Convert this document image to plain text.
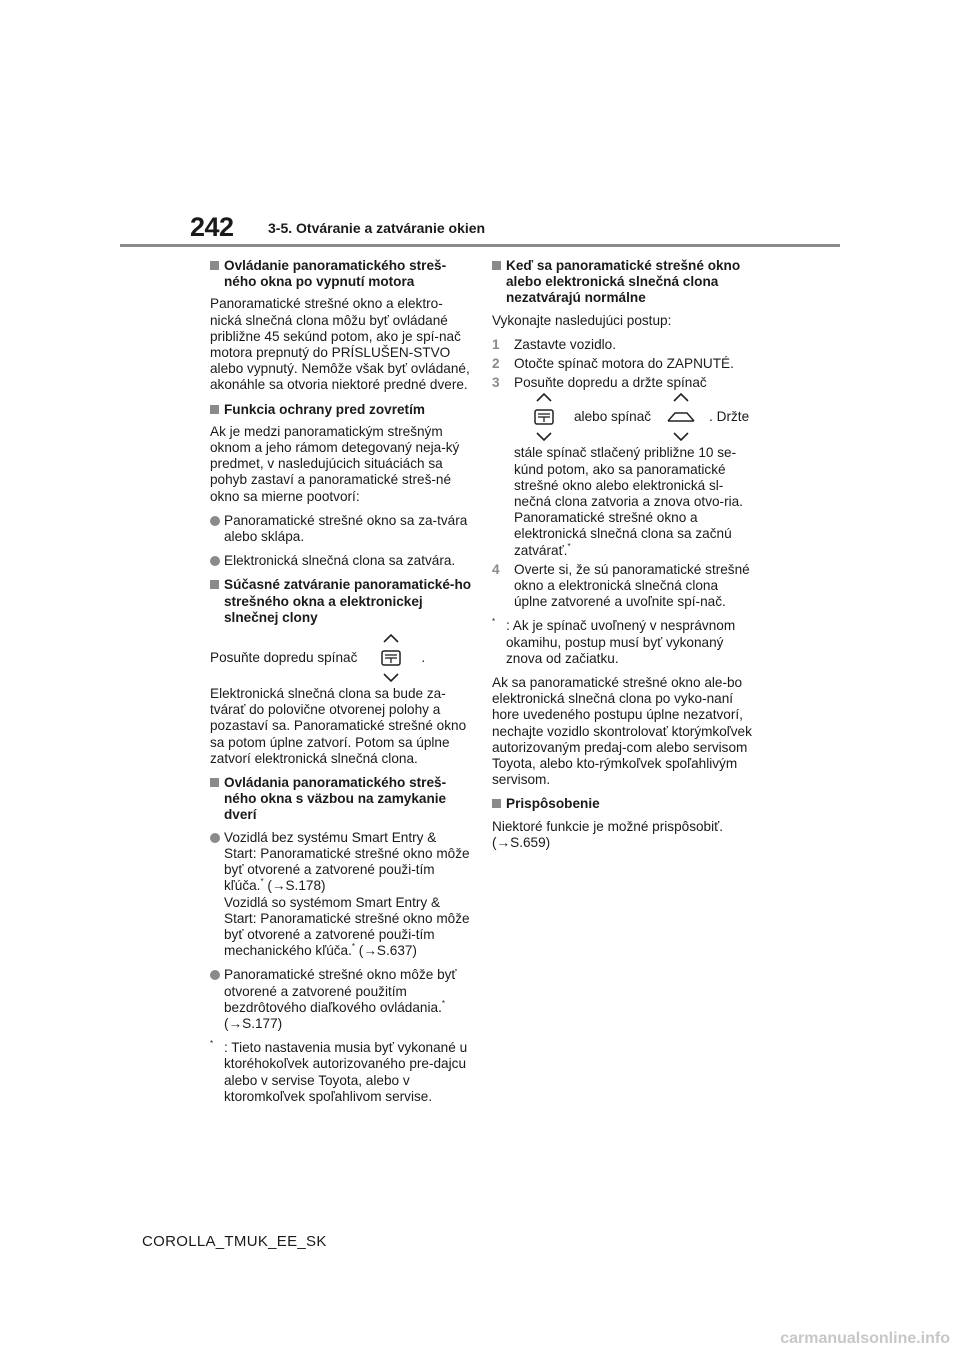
242 3-5. Otváranie a zatváranie okien
Ovládanie panoramatického streš-ného okna po vypnutí motora

Panoramatické strešné okno a elektro-nická slnečná clona môžu byť ovládané približne 45 sekúnd potom, ako je spí-nač motora prepnutý do PRÍSLUŠEN-STVO alebo vypnutý. Nemôže však byť ovládané, akonáhle sa otvoria niektoré predné dvere.

Funkcia ochrany pred zovretím

Ak je medzi panoramatickým strešným oknom a jeho rámom detegovaný neja-ký predmet, v nasledujúcich situáciách sa pohyb zastaví a panoramatické streš-né okno sa mierne pootvorí:

Panoramatické strešné okno sa za-tvára alebo sklápa.
Elektronická slnečná clona sa zatvára.
Súčasné zatváranie panoramatické-ho strešného okna a elektronickej slnečnej clony
Posuňte dopredu spínač	.

Elektronická slnečná clona sa bude za-tvárať do polovične otvorenej polohy a pozastaví sa. Panoramatické strešné okno sa potom úplne zatvorí. Potom sa úplne zatvorí elektronická slnečná clona.

Ovládania panoramatického streš-ného okna s väzbou na zamykanie dverí
Vozidlá bez systému Smart Entry & Start: Panoramatické strešné okno môže byť otvorené a zatvorené použi-tím kľúča.* (→S.178)
Vozidlá so systémom Smart Entry & Start: Panoramatické strešné okno môže byť otvorené a zatvorené použi-tím mechanického kľúča.* (→S.637)
Panoramatické strešné okno môže byť otvorené a zatvorené použitím bezdrôtového diaľkového ovládania.*
(→S.177)
* : Tieto nastavenia musia byť vykonané u ktoréhokoľvek autorizovaného pre-dajcu alebo v servise Toyota, alebo v ktoromkoľvek spoľahlivom servise.
Keď sa panoramatické strešné okno alebo elektronická slnečná clona nezatvárajú normálne

Vykonajte nasledujúci postup:

1 Zastavte vozidlo.
2 Otočte spínač motora do ZAPNUTÉ.
3 Posuňte dopredu a držte spínač
alebo spínač	. Držte
stále spínač stlačený približne 10 se-kúnd potom, ako sa panoramatické strešné okno alebo elektronická sl-nečná clona zatvoria a znova otvo-ria. Panoramatické strešné okno a elektronická slnečná clona sa začnú zatvárať.*
4 Overte si, že sú panoramatické strešné okno a elektronická slnečná clona úplne zatvorené a uvoľnite spí-nač.
* : Ak je spínač uvoľnený v nesprávnom okamihu, postup musí byť vykonaný znova od začiatku.

Ak sa panoramatické strešné okno ale-bo elektronická slnečná clona po vyko-naní hore uvedeného postupu úplne nezatvorí, nechajte vozidlo skontrolovať ktorýmkoľvek autorizovaným predaj-com alebo servisom Toyota, alebo kto-rýmkoľvek spoľahlivým servisom.

Prispôsobenie

Niektoré funkcie je možné prispôsobiť. (→S.659)

COROLLA_TMUK_EE_SK
carmanualsonline.info
